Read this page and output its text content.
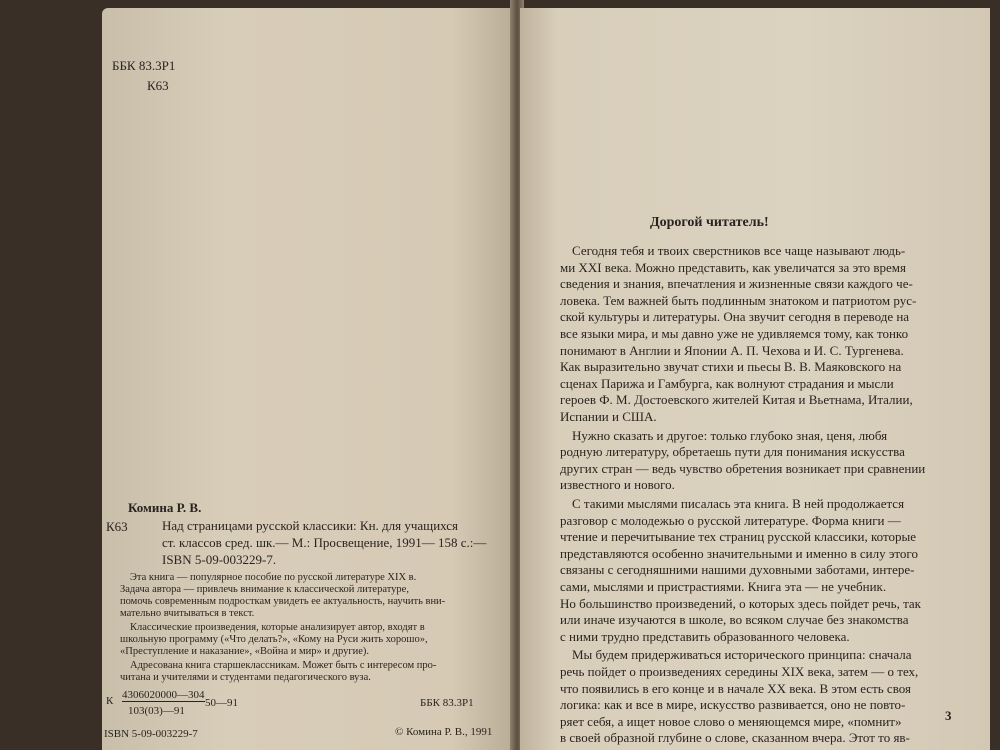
ББК 83.3Р1
К63
Комина Р. В.
К63	Над страницами русской классики: Кн. для учащихся
ст. классов сред. шк.— М.: Просвещение, 1991— 158 с.:—
ISBN 5-09-003229-7.
Эта книга — популярное пособие по русской литературе XIX в.
Задача автора — привлечь внимание к классической литературе,
помочь современным подросткам увидеть ее актуальность, научить вни-
мательно вчитываться в текст.
Классические произведения, которые анализирует автор, входят в
школьную программу («Что делать?», «Кому на Руси жить хорошо»,
«Преступление и наказание», «Война и мир» и другие).
Адресована книга старшеклассникам. Может быть с интересом про-
читана и учителями и студентами педагогического вуза.
К 4306020000—304
103(03)—91
50—91	ББК 83.3Р1
ISBN 5-09-003229-7	© Комина Р. В., 1991
Дорогой читатель!
Сегодня тебя и твоих сверстников все чаще называют людь-
ми XXI века. Можно представить, как увеличатся за это время
сведения и знания, впечатления и жизненные связи каждого че-
ловека. Тем важней быть подлинным знатоком и патриотом рус-
ской культуры и литературы. Она звучит сегодня в переводе на
все языки мира, и мы давно уже не удивляемся тому, как тонко
понимают в Англии и Японии А. П. Чехова и И. С. Тургенева.
Как выразительно звучат стихи и пьесы В. В. Маяковского на
сценах Парижа и Гамбурга, как волнуют страдания и мысли
героев Ф. М. Достоевского жителей Китая и Вьетнама, Италии,
Испании и США.
Нужно сказать и другое: только глубоко зная, ценя, любя
родную литературу, обретаешь пути для понимания искусства
других стран — ведь чувство обретения возникает при сравнении
известного и нового.
С такими мыслями писалась эта книга. В ней продолжается
разговор с молодежью о русской литературе. Форма книги —
чтение и перечитывание тех страниц русской классики, которые
представляются особенно значительными и именно в силу этого
связаны с сегодняшними нашими духовными заботами, интере-
сами, мыслями и пристрастиями. Книга эта — не учебник.
Но большинство произведений, о которых здесь пойдет речь, так
или иначе изучаются в школе, во всяком случае без знакомства
с ними трудно представить образованного человека.
Мы будем придерживаться исторического принципа: сначала
речь пойдет о произведениях середины XIX века, затем — о тех,
что появились в его конце и в начале XX века. В этом есть своя
логика: как и все в мире, искусство развивается, оно не повто-
ряет себя, а ищет новое слово о меняющемся мире, «помнит»
в своей образной глубине о слове, сказанном вчера. Этот то яв-
3
